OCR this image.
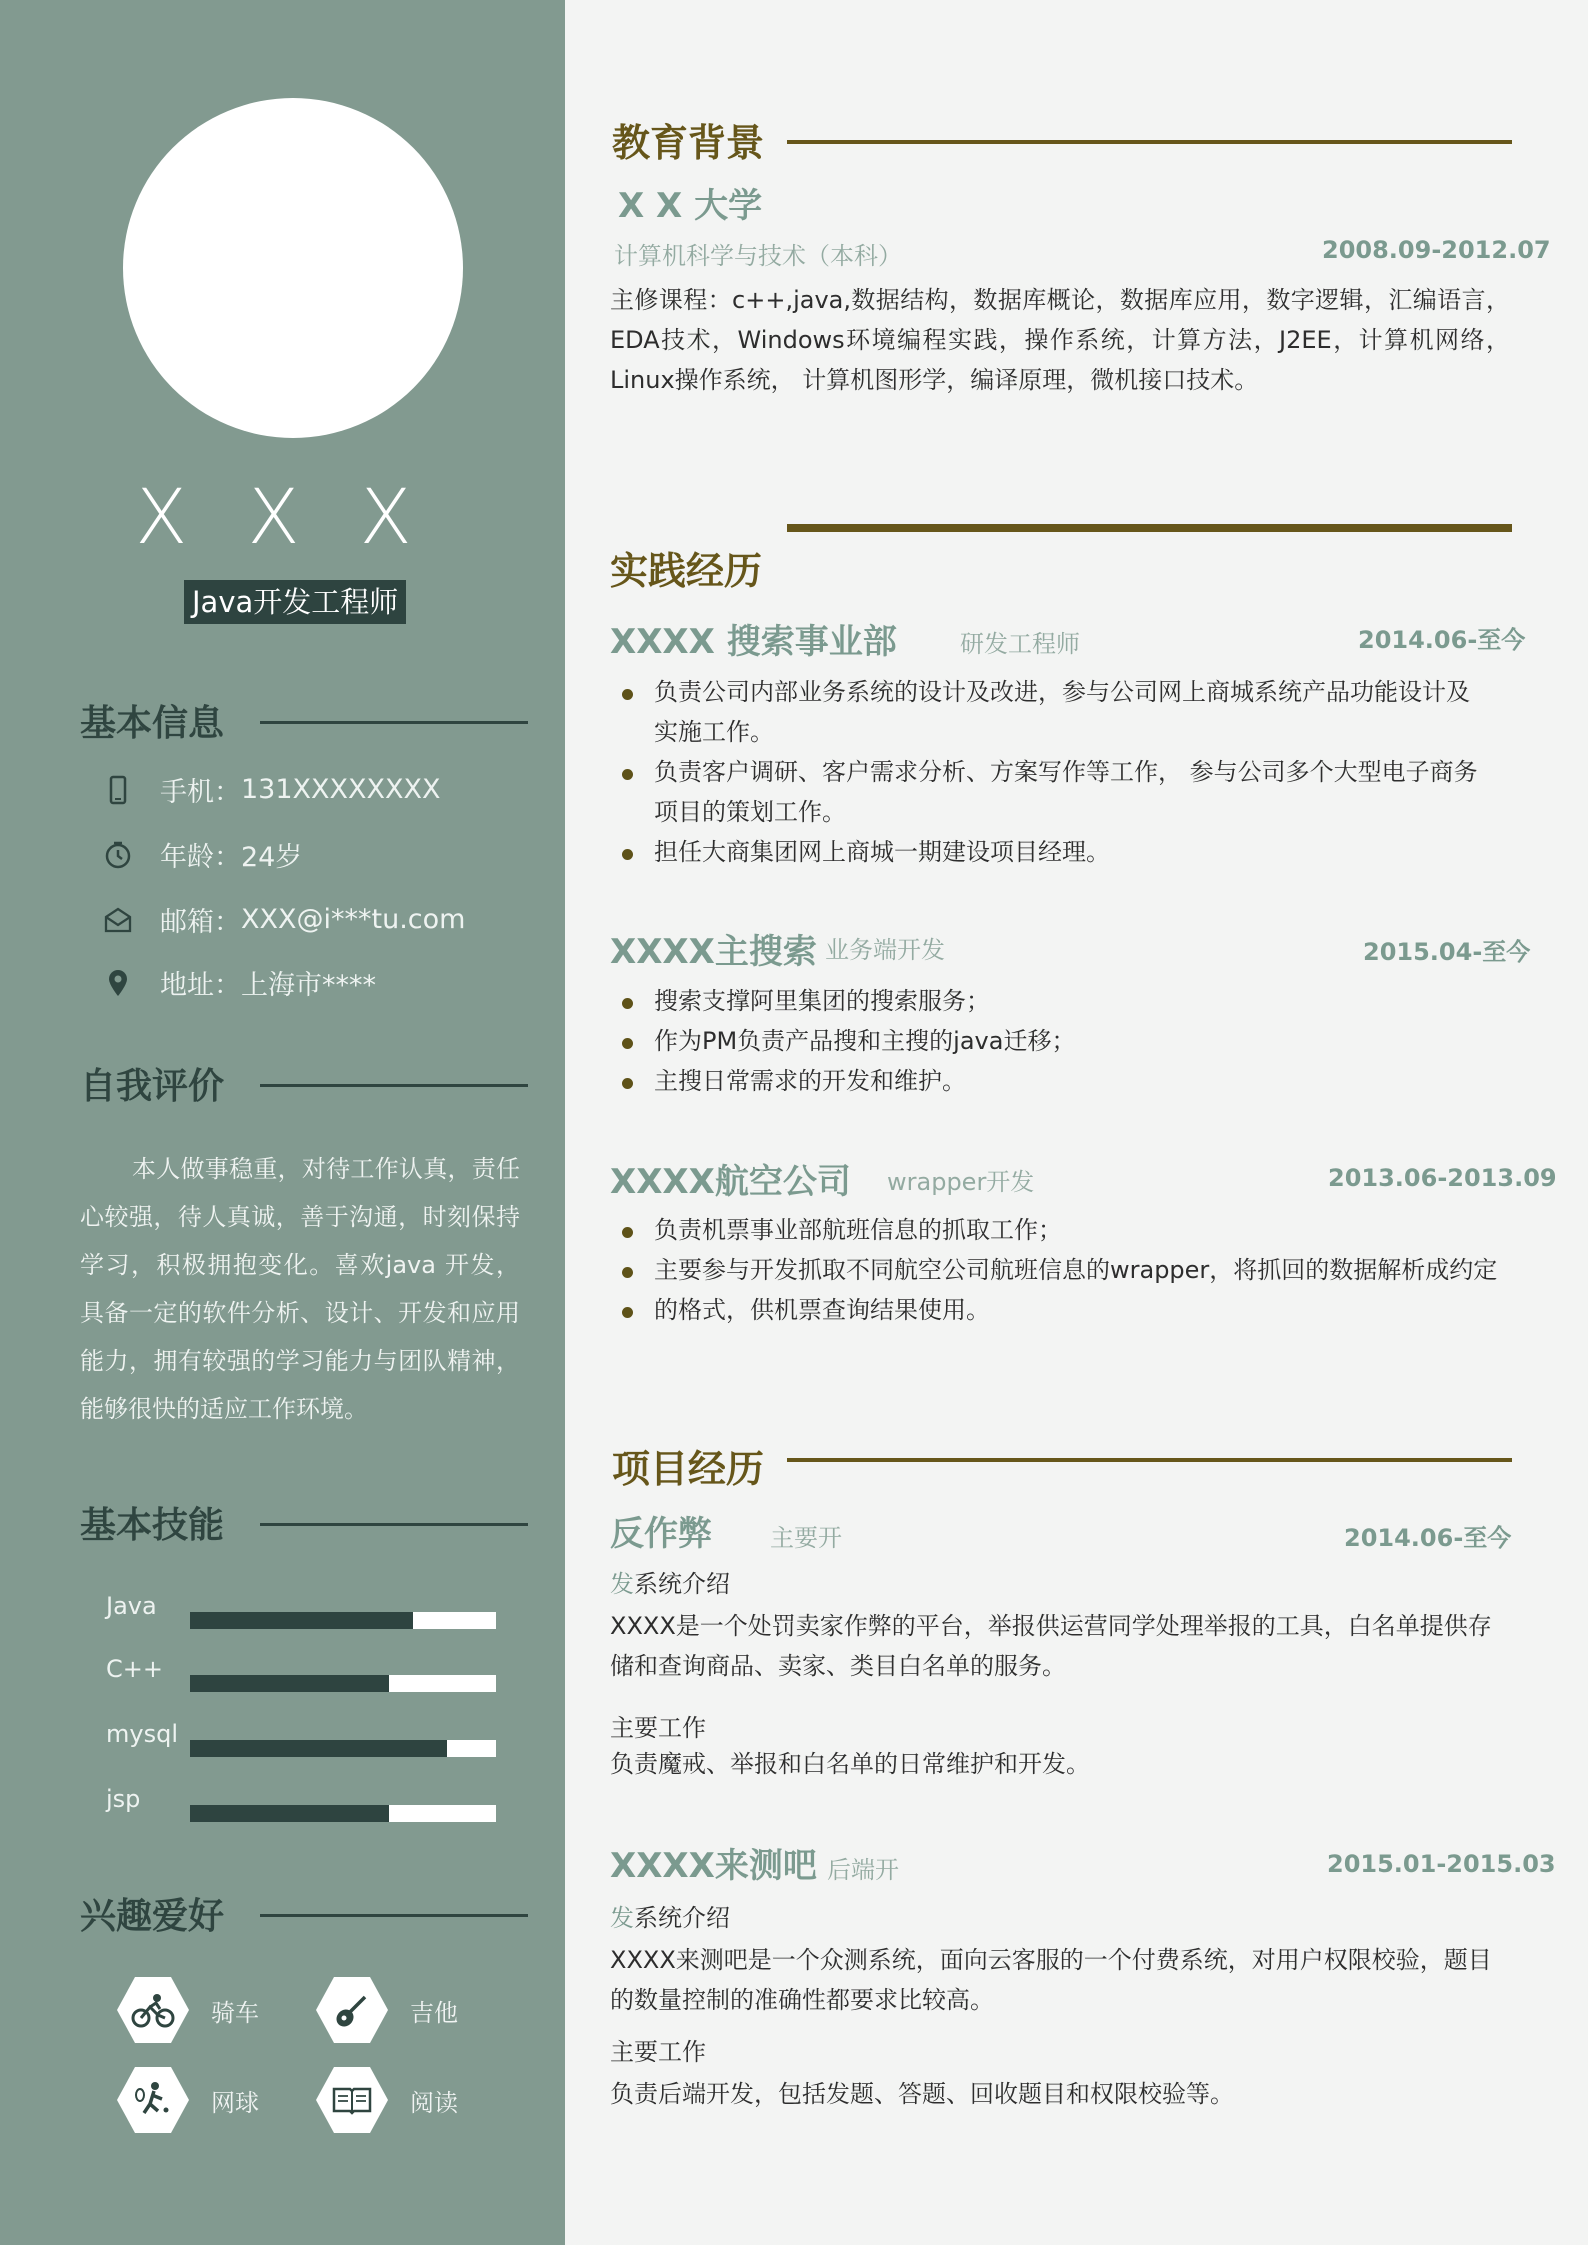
X X X
Java开发工程师
基本信息
手机： 131XXXXXXXX
年龄： 24岁
邮箱： XXX@i***tu.com
地址： 上海市****
自我评价

本人做事稳重，对待工作认真，责任心较强，待人真诚，善于沟通，时刻保持学习，积极拥抱变化。喜欢java 开发，具备一定的软件分析、设计、开发和应用能力，拥有较强的学习能力与团队精神，能够很快的适应工作环境。

基本技能
Java
C++
mysql
jsp
兴趣爱好
骑车	吉他
网球	阅读
教育背景
X X 大学
计算机科学与技术（本科）	2008.09-2012.07

主修课程：c++,java,数据结构，数据库概论，数据库应用，数字逻辑，汇编语言，EDA技术，Windows环境编程实践，操作系统，计算方法，J2EE，计算机网络，Linux操作系统， 计算机图形学，编译原理，微机接口技术。

实践经历
XXXX 搜索事业部	研发工程师	2014.06-至今
负责公司内部业务系统的设计及改进，参与公司网上商城系统产品功能设计及实施工作。
负责客户调研、客户需求分析、方案写作等工作， 参与公司多个大型电子商务项目的策划工作。
担任大商集团网上商城一期建设项目经理。
XXXX主搜索 业务端开发	2015.04-至今
搜索支撑阿里集团的搜索服务；
作为PM负责产品搜和主搜的java迁移；
主搜日常需求的开发和维护。
XXXX航空公司 wrapper开发	2013.06-2013.09
负责机票事业部航班信息的抓取工作；
主要参与开发抓取不同航空公司航班信息的wrapper，将抓回的数据解析成约定
的格式，供机票查询结果使用。
项目经历
反作弊 主要开	2014.06-至今
发系统介绍

XXXX是一个处罚卖家作弊的平台，举报供运营同学处理举报的工具，白名单提供存储和查询商品、卖家、类目白名单的服务。

主要工作

负责魔戒、举报和白名单的日常维护和开发。

XXXX来测吧 后端开	2015.01-2015.03
发系统介绍

XXXX来测吧是一个众测系统，面向云客服的一个付费系统，对用户权限校验，题目的数量控制的准确性都要求比较高。

主要工作

负责后端开发，包括发题、答题、回收题目和权限校验等。
